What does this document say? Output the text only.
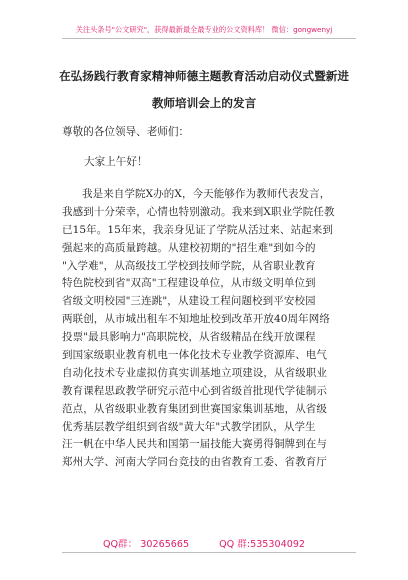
关注头条号"公文研究"，获得最新最全最专业的公文资料库！ 微信：gongwenyj
在弘扬践行教育家精神师德主题教育活动启动仪式暨新进
教师培训会上的发言
尊敬的各位领导、老师们：
大家上午好！
我是来自学院X办的X，今天能够作为教师代表发言，
我感到十分荣幸，心情也特别激动。我来到X职业学院任教
已15年。15年来，我亲身见证了学院从活过来、站起来到
强起来的高质量跨越。从建校初期的"招生难"到如今的
"入学难"，从高级技工学校到技师学院，从省职业教育
特色院校到省"双高"工程建设单位，从市级文明单位到
省级文明校园"三连跳"，从建设工程问题校到平安校园
两联创，从市城出租车不知地址校到改革开放40周年网络
投票"最具影响力"高职院校，从省级精品在线开放课程
到国家级职业教育机电一体化技术专业教学资源库、电气
自动化技术专业虚拟仿真实训基地立项建设，从省级职业
教育课程思政教学研究示范中心到省级首批现代学徒制示
范点，从省级职业教育集团到世赛国家集训基地，从省级
优秀基层教学组织到省级"黄大年"式教学团队，从学生
汪一帆在中华人民共和国第一届技能大赛勇得铜牌到在与
郑州大学、河南大学同台竞技的由省教育工委、省教育厅
QQ群： 30265665	QQ 群:535304092
